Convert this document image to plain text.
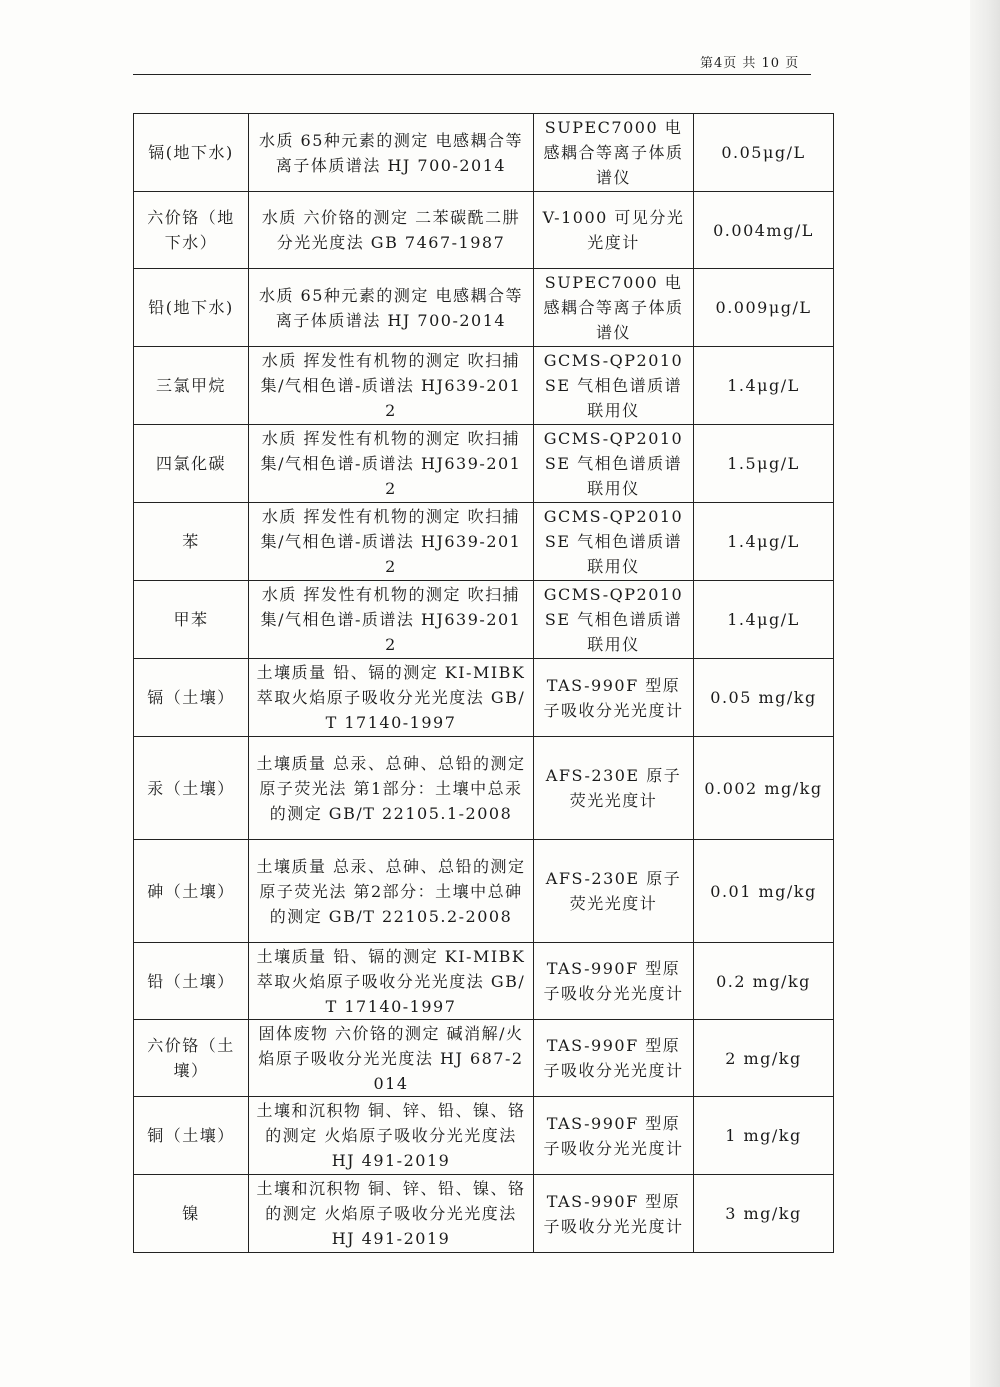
第4页 共 10 页
镉(地下水)	水质 65种元素的测定 电感耦合等离子体质谱法 HJ 700-2014	SUPEC7000 电感耦合等离子体质谱仪	0.05μg/L
六价铬（地下水）	水质 六价铬的测定 二苯碳酰二肼分光光度法 GB 7467-1987	V-1000 可见分光光度计	0.004mg/L
铅(地下水)	水质 65种元素的测定 电感耦合等离子体质谱法 HJ 700-2014	SUPEC7000 电感耦合等离子体质谱仪	0.009μg/L
三氯甲烷	水质 挥发性有机物的测定 吹扫捕集/气相色谱-质谱法 HJ639-2012	GCMS-QP2010SE 气相色谱质谱联用仪	1.4μg/L
四氯化碳	水质 挥发性有机物的测定 吹扫捕集/气相色谱-质谱法 HJ639-2012	GCMS-QP2010SE 气相色谱质谱联用仪	1.5μg/L
苯	水质 挥发性有机物的测定 吹扫捕集/气相色谱-质谱法 HJ639-2012	GCMS-QP2010SE 气相色谱质谱联用仪	1.4μg/L
甲苯	水质 挥发性有机物的测定 吹扫捕集/气相色谱-质谱法 HJ639-2012	GCMS-QP2010SE 气相色谱质谱联用仪	1.4μg/L
镉（土壤）	土壤质量 铅、镉的测定 KI-MIBK 萃取火焰原子吸收分光光度法 GB/T 17140-1997	TAS-990F 型原子吸收分光光度计	0.05 mg/kg
汞（土壤）	土壤质量 总汞、总砷、总铅的测定 原子荧光法 第1部分：土壤中总汞的测定 GB/T 22105.1-2008	AFS-230E 原子荧光光度计	0.002 mg/kg
砷（土壤）	土壤质量 总汞、总砷、总铅的测定 原子荧光法 第2部分：土壤中总砷的测定 GB/T 22105.2-2008	AFS-230E 原子荧光光度计	0.01 mg/kg
铅（土壤）	土壤质量 铅、镉的测定 KI-MIBK 萃取火焰原子吸收分光光度法 GB/T 17140-1997	TAS-990F 型原子吸收分光光度计	0.2 mg/kg
六价铬（土壤）	固体废物 六价铬的测定 碱消解/火焰原子吸收分光光度法 HJ 687-2014	TAS-990F 型原子吸收分光光度计	2 mg/kg
铜（土壤）	土壤和沉积物 铜、锌、铅、镍、铬的测定 火焰原子吸收分光光度法 HJ 491-2019	TAS-990F 型原子吸收分光光度计	1 mg/kg
镍	土壤和沉积物 铜、锌、铅、镍、铬的测定 火焰原子吸收分光光度法 HJ 491-2019	TAS-990F 型原子吸收分光光度计	3 mg/kg
